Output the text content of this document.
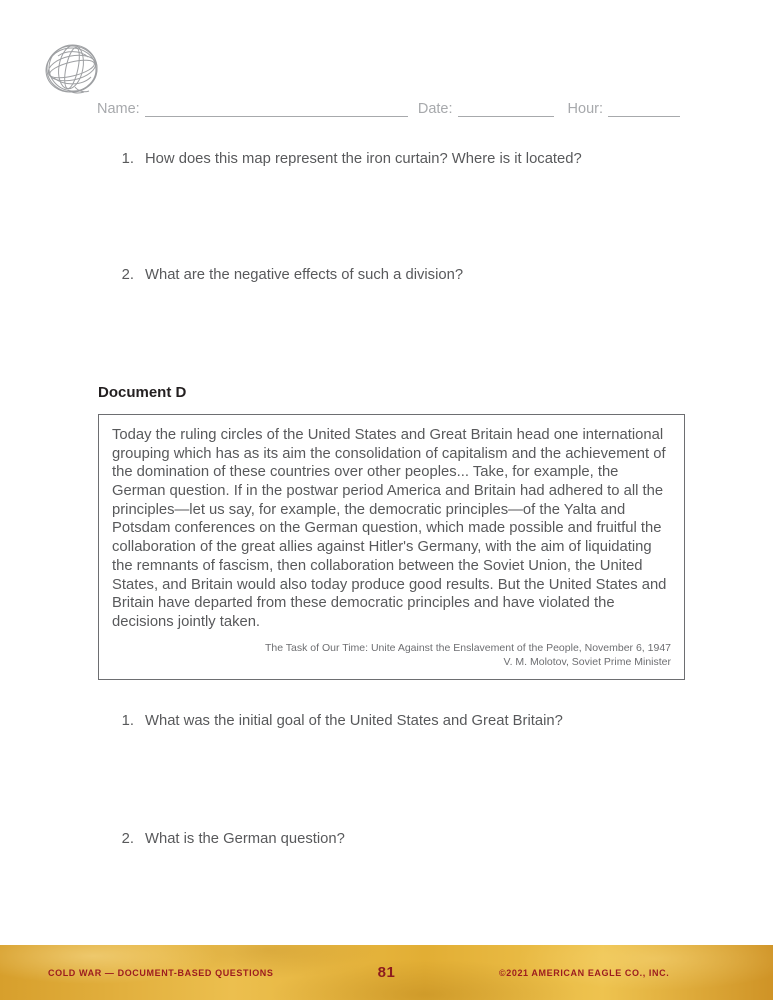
Name:	Date:	Hour:
1. How does this map represent the iron curtain? Where is it located?
2. What are the negative effects of such a division?
Document D
Today the ruling circles of the United States and Great Britain head one international grouping which has as its aim the consolidation of capitalism and the achievement of the domination of these countries over other peoples... Take, for example, the German question. If in the postwar period America and Britain had adhered to all the principles—let us say, for example, the democratic principles—of the Yalta and Potsdam conferences on the German question, which made possible and fruitful the collaboration of the great allies against Hitler's Germany, with the aim of liquidating the remnants of fascism, then collaboration between the Soviet Union, the United States, and Britain would also today produce good results. But the United States and Britain have departed from these democratic principles and have violated the decisions jointly taken.
The Task of Our Time: Unite Against the Enslavement of the People, November 6, 1947
V. M. Molotov, Soviet Prime Minister
1. What was the initial goal of the United States and Great Britain?
2. What is the German question?
COLD WAR — DOCUMENT-BASED QUESTIONS	81	©2021 AMERICAN EAGLE CO., INC.
